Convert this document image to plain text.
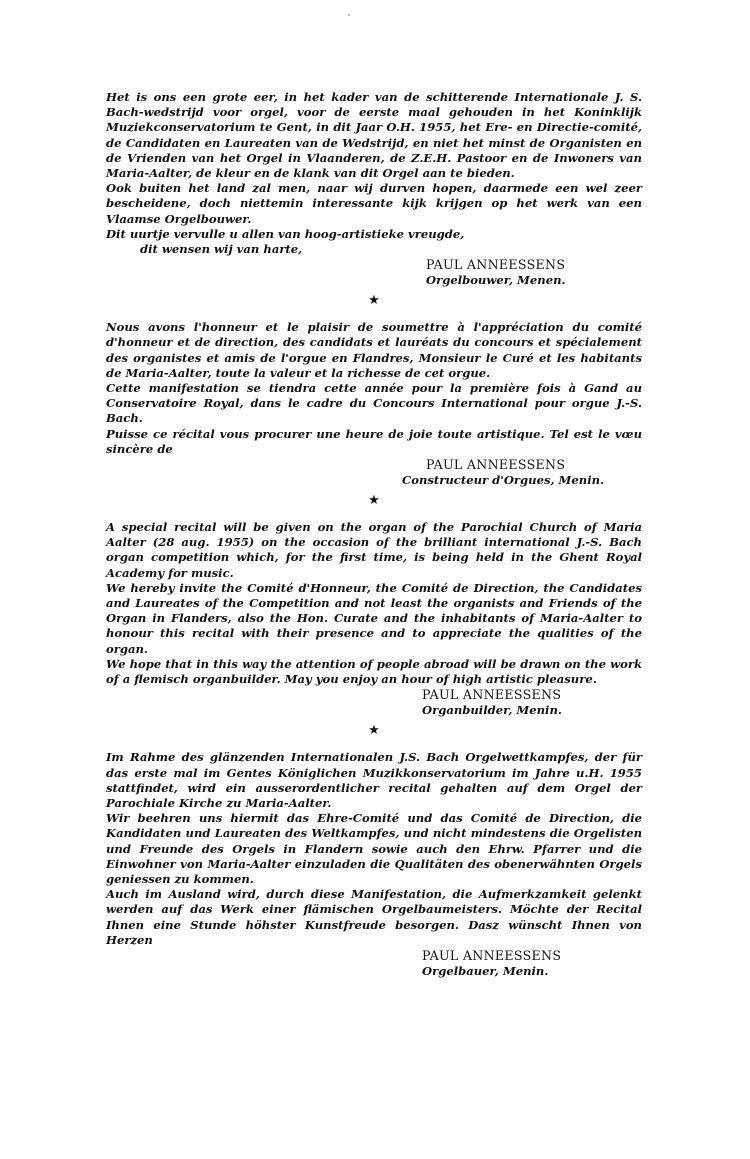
Het is ons een grote eer, in het kader van de schitterende Internationale J. S. Bach-wedstrijd voor orgel, voor de eerste maal gehouden in het Koninklijk Muziekconservatorium te Gent, in dit Jaar O.H. 1955, het Ere- en Directie-comité, de Candidaten en Laureaten van de Wedstrijd, en niet het minst de Organisten en de Vrienden van het Orgel in Vlaanderen, de Z.E.H. Pastoor en de Inwoners van Maria-Aalter, de kleur en de klank van dit Orgel aan te bieden.

Ook buiten het land zal men, naar wij durven hopen, daarmede een wel zeer bescheidene, doch niettemin interessante kijk krijgen op het werk van een Vlaamse Orgelbouwer.

Dit uurtje vervulle u allen van hoog-artistieke vreugde,

dit wensen wij van harte,

PAUL ANNEESSENS
Orgelbouwer, Menen.
★

Nous avons l'honneur et le plaisir de soumettre à l'appréciation du comité d'honneur et de direction, des candidats et lauréats du concours et spécialement des organistes et amis de l'orgue en Flandres, Monsieur le Curé et les habitants de Maria-Aalter, toute la valeur et la richesse de cet orgue.

Cette manifestation se tiendra cette année pour la première fois à Gand au Conservatoire Royal, dans le cadre du Concours International pour orgue J.-S. Bach.

Puisse ce récital vous procurer une heure de joie toute artistique. Tel est le vœu sincère de

PAUL ANNEESSENS
Constructeur d'Orgues, Menin.
★

A special recital will be given on the organ of the Parochial Church of Maria Aalter (28 aug. 1955) on the occasion of the brilliant international J.-S. Bach organ competition which, for the first time, is being held in the Ghent Royal Academy for music.

We hereby invite the Comité d'Honneur, the Comité de Direction, the Candidates and Laureates of the Competition and not least the organists and Friends of the Organ in Flanders, also the Hon. Curate and the inhabitants of Maria-Aalter to honour this recital with their presence and to appreciate the qualities of the organ.

We hope that in this way the attention of people abroad will be drawn on the work of a flemisch organbuilder. May you enjoy an hour of high artistic pleasure.

PAUL ANNEESSENS
Organbuilder, Menin.
★

Im Rahme des glänzenden Internationalen J.S. Bach Orgelwettkampfes, der für das erste mal im Gentes Königlichen Muzikkonservatorium im Jahre u.H. 1955 stattfindet, wird ein ausserordentlicher recital gehalten auf dem Orgel der Parochiale Kirche zu Maria-Aalter.

Wir beehren uns hiermit das Ehre-Comité und das Comité de Direction, die Kandidaten und Laureaten des Weltkampfes, und nicht mindestens die Orgelisten und Freunde des Orgels in Flandern sowie auch den Ehrw. Pfarrer und die Einwohner von Maria-Aalter einzuladen die Qualitäten des obenerwähnten Orgels geniessen zu kommen.

Auch im Ausland wird, durch diese Manifestation, die Aufmerkzamkeit gelenkt werden auf das Werk einer flämischen Orgelbaumeisters. Möchte der Recital Ihnen eine Stunde höhster Kunstfreude besorgen. Dasz wünscht Ihnen von Herzen

PAUL ANNEESSENS
Orgelbauer, Menin.
